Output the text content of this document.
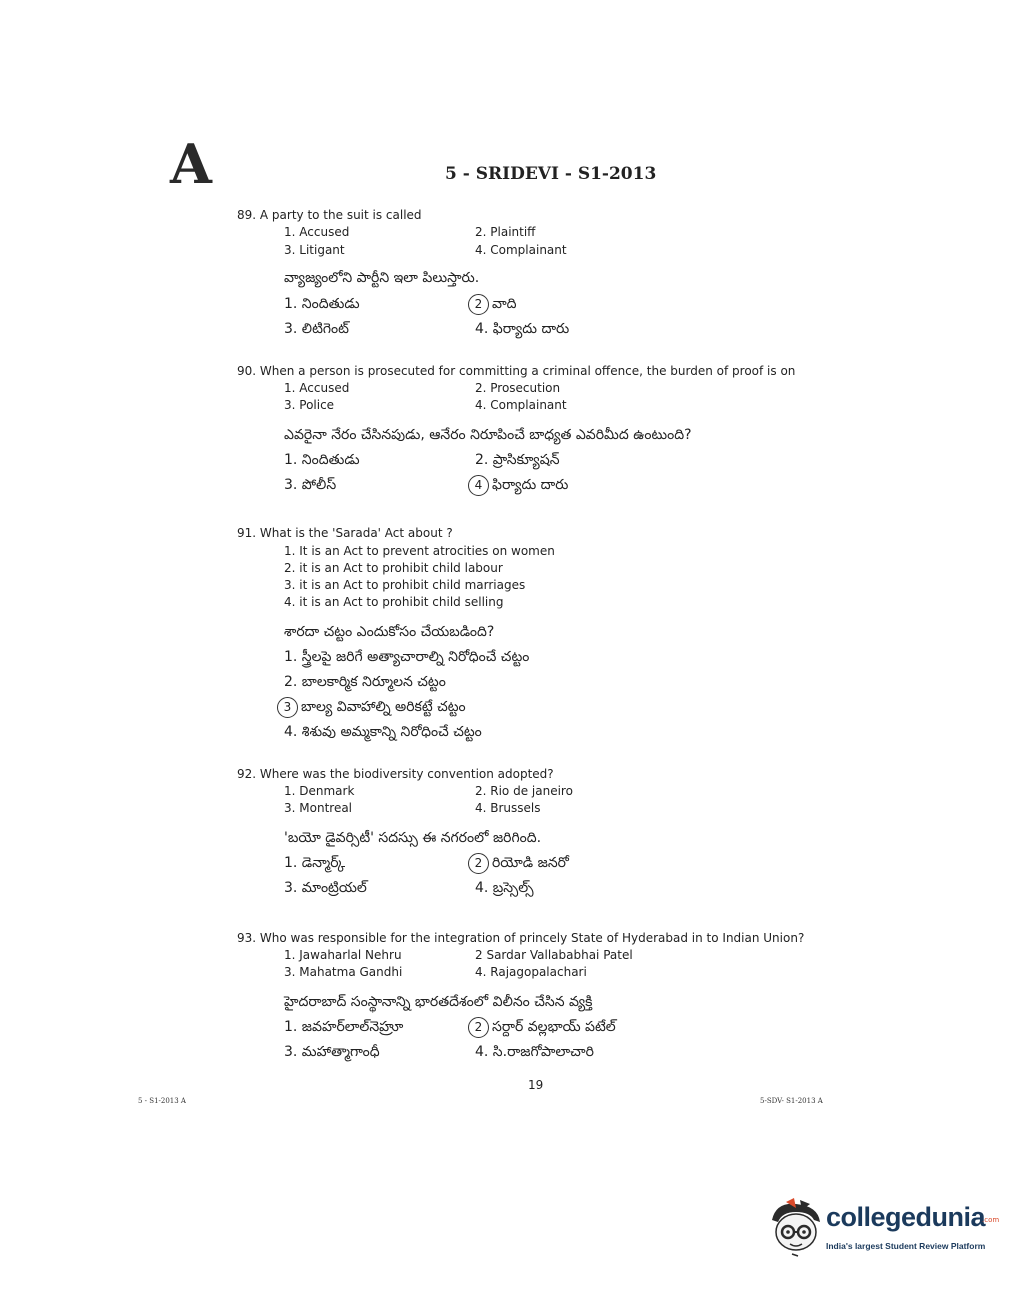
A	5 - SRIDEVI - S1-2013
89. A party to the suit is called
1. Accused	2. Plaintiff
3. Litigant	4. Complainant
వ్యాజ్యంలోని పార్టీని ఇలా పిలుస్తారు.
1. నిందితుడు	2 వాది
3. లిటిగెంట్	4. ఫిర్యాదు దారు
90. When a person is prosecuted for committing a criminal offence, the burden of proof is on
1. Accused	2. Prosecution
3. Police	4. Complainant
ఎవరైనా నేరం చేసినపుడు, ఆనేరం నిరూపించే బాధ్యత ఎవరిమీద ఉంటుంది?
1. నిందితుడు	2. ప్రాసిక్యూషన్
3. పోలీస్	4 ఫిర్యాదు దారు
91. What is the 'Sarada' Act about ?
1. It is an Act to prevent atrocities on women
2. it is an Act to prohibit child labour
3. it is an Act to prohibit child marriages
4. it is an Act to prohibit child selling
శారదా చట్టం ఎందుకోసం చేయబడింది?
1. స్త్రీలపై జరిగే అత్యాచారాల్ని నిరోధించే చట్టం
2. బాలకార్మిక నిర్మూలన చట్టం
3 బాల్య వివాహాల్ని అరికట్టే చట్టం
4. శిశువు అమ్మకాన్ని నిరోధించే చట్టం
92. Where was the biodiversity convention adopted?
1. Denmark	2. Rio de janeiro
3. Montreal	4. Brussels
'బయో డైవర్సిటీ' సదస్సు ఈ నగరంలో జరిగింది.
1. డెన్మార్క్	2 రియోడి జనరో
3. మాంట్రియల్	4. బ్రస్సెల్స్
93. Who was responsible for the integration of princely State of Hyderabad in to Indian Union?
1. Jawaharlal Nehru	2 Sardar Vallababhai Patel
3. Mahatma Gandhi	4. Rajagopalachari
హైదరాబాద్ సంస్థానాన్ని భారతదేశంలో విలీనం చేసిన వ్యక్తి
1. జవహర్‌లాల్‌నెహ్రూ	2 సర్దార్ వల్లభాయ్ పటేల్
3. మహాత్మాగాంధీ	4. సి.రాజగోపాలాచారి
19
5 - S1-2013 A	5-SDV- S1-2013 A
collegedunia
.com
India's largest Student Review Platform
